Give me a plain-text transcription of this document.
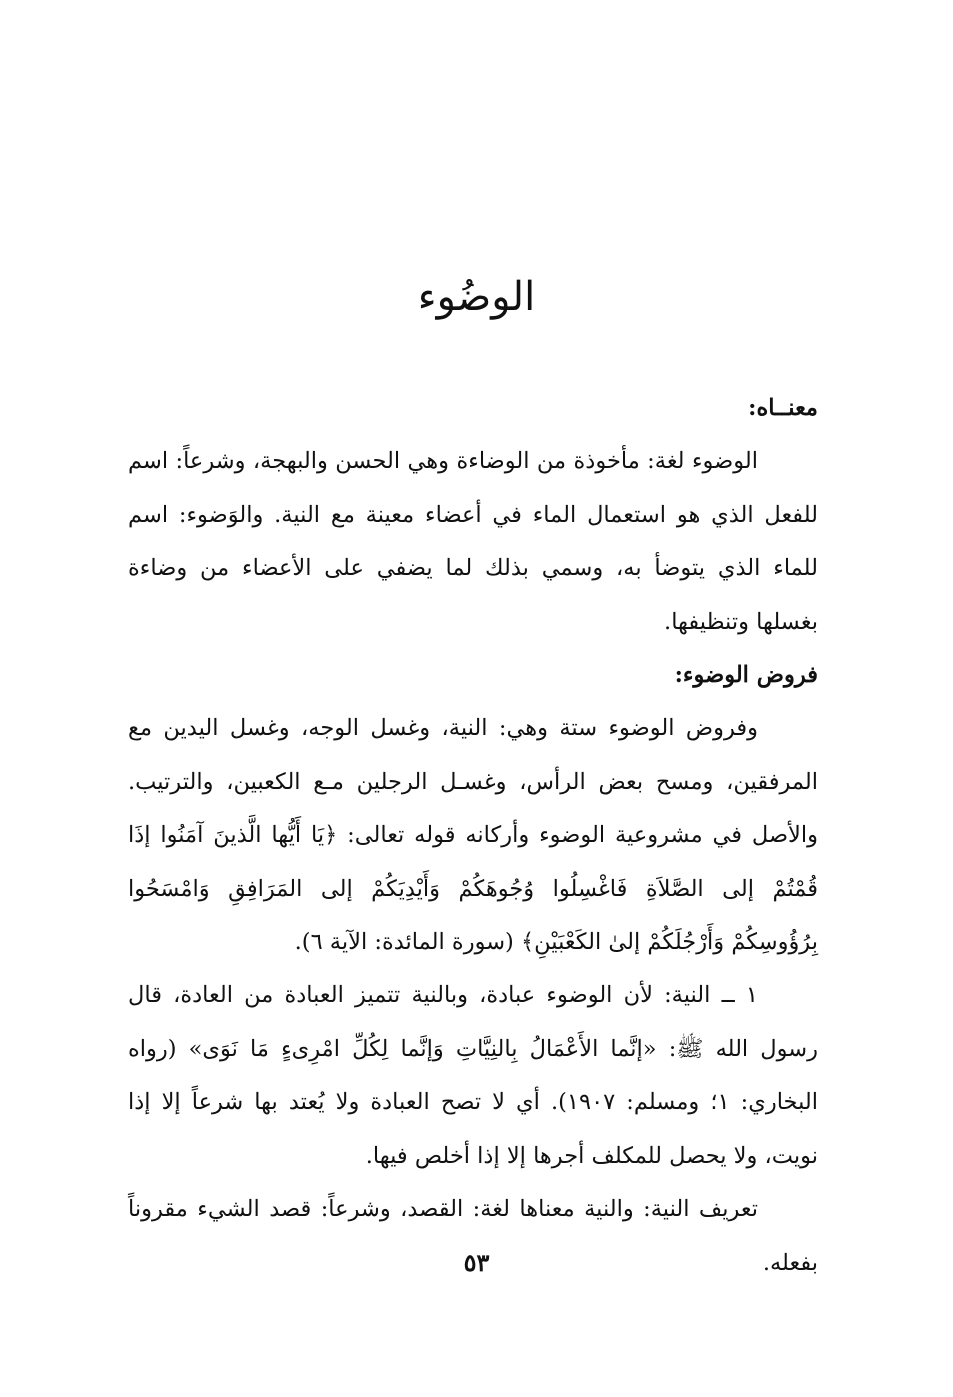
الوضُوء

معنــاه:

الوضوء لغة: مأخوذة من الوضاءة وهي الحسن والبهجة، وشرعاً: اسم للفعل الذي هو استعمال الماء في أعضاء معينة مع النية. والوَضوء: اسم للماء الذي يتوضأ به، وسمي بذلك لما يضفي على الأعضاء من وضاءة بغسلها وتنظيفها.

فروض الوضوء:

وفروض الوضوء ستة وهي: النية، وغسل الوجه، وغسل اليدين مع المرفقين، ومسح بعض الرأس، وغسـل الرجلين مـع الكعبين، والترتيب. والأصل في مشروعية الوضوء وأركانه قوله تعالى: ﴿يَا أَيُّها الَّذينَ آمَنُوا إذَا قُمْتُمْ إلى الصَّلاَةِ فَاغْسِلُوا وُجُوهَكُمْ وَأَيْدِيَكُمْ إلى المَرَافِقِ وَامْسَحُوا بِرُؤُوسِكُمْ وَأَرْجُلَكُمْ إلىٰ الكَعْبَيْنِ﴾ (سورة المائدة: الآية ٦).

١ ــ النية: لأن الوضوء عبادة، وبالنية تتميز العبادة من العادة، قال رسول الله ﷺ: «إنَّما الأَعْمَالُ بِالنِيَّاتِ وَإنَّما لِكُلِّ امْرِىءٍ مَا نَوَى» (رواه البخاري: ١؛ ومسلم: ١٩٠٧). أي لا تصح العبادة ولا يُعتد بها شرعاً إلا إذا نويت، ولا يحصل للمكلف أجرها إلا إذا أخلص فيها.

تعريف النية: والنية معناها لغة: القصد، وشرعاً: قصد الشيء مقروناً بفعله.

٥٣
